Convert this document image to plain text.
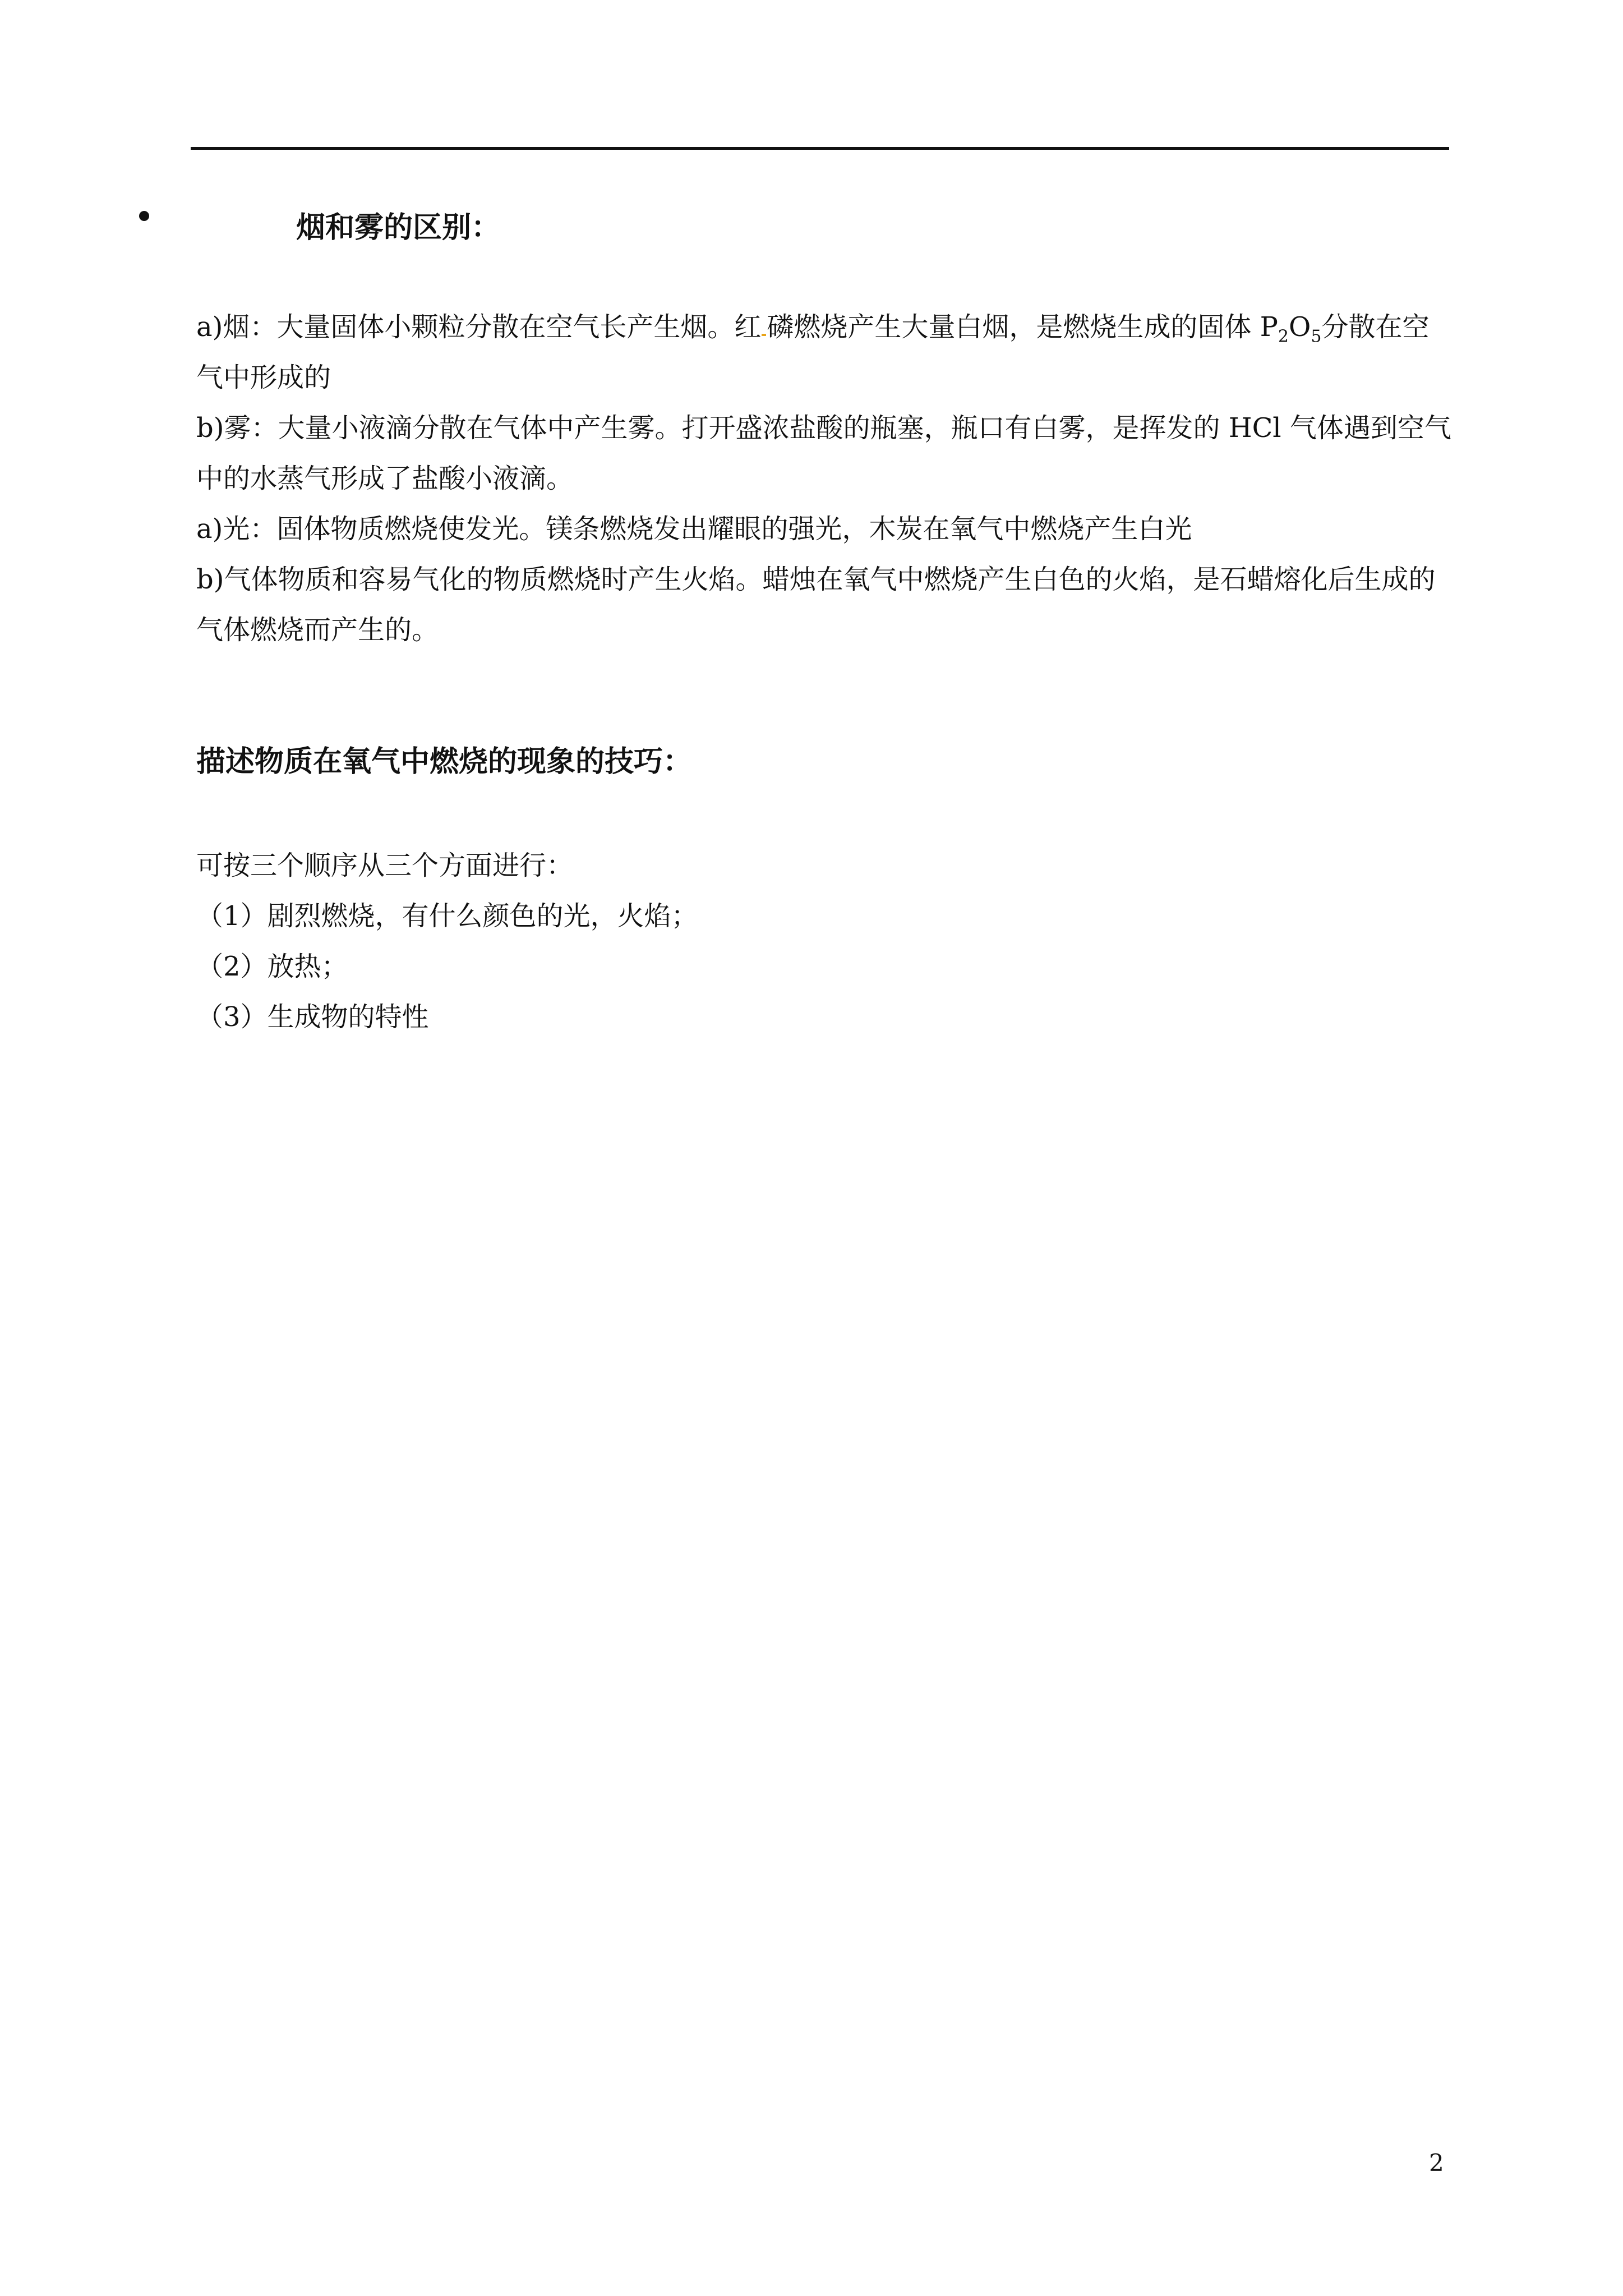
烟和雾的区别：

a)烟：大量固体小颗粒分散在空气长产生烟。红 磷燃烧产生大量白烟，是燃烧生成的固体 $P_2O_5$分散在空气中形成的

b)雾：大量小液滴分散在气体中产生雾。打开盛浓盐酸的瓶塞，瓶口有白雾，是挥发的 HCl 气体遇到空气中的水蒸气形成了盐酸小液滴。

a)光：固体物质燃烧使发光。镁条燃烧发出耀眼的强光，木炭在氧气中燃烧产生白光

b)气体物质和容易气化的物质燃烧时产生火焰。蜡烛在氧气中燃烧产生白色的火焰，是石蜡熔化后生成的气体燃烧而产生的。

描述物质在氧气中燃烧的现象的技巧：

可按三个顺序从三个方面进行：

（1）剧烈燃烧，有什么颜色的光，火焰；

（2）放热；

（3）生成物的特性

2
